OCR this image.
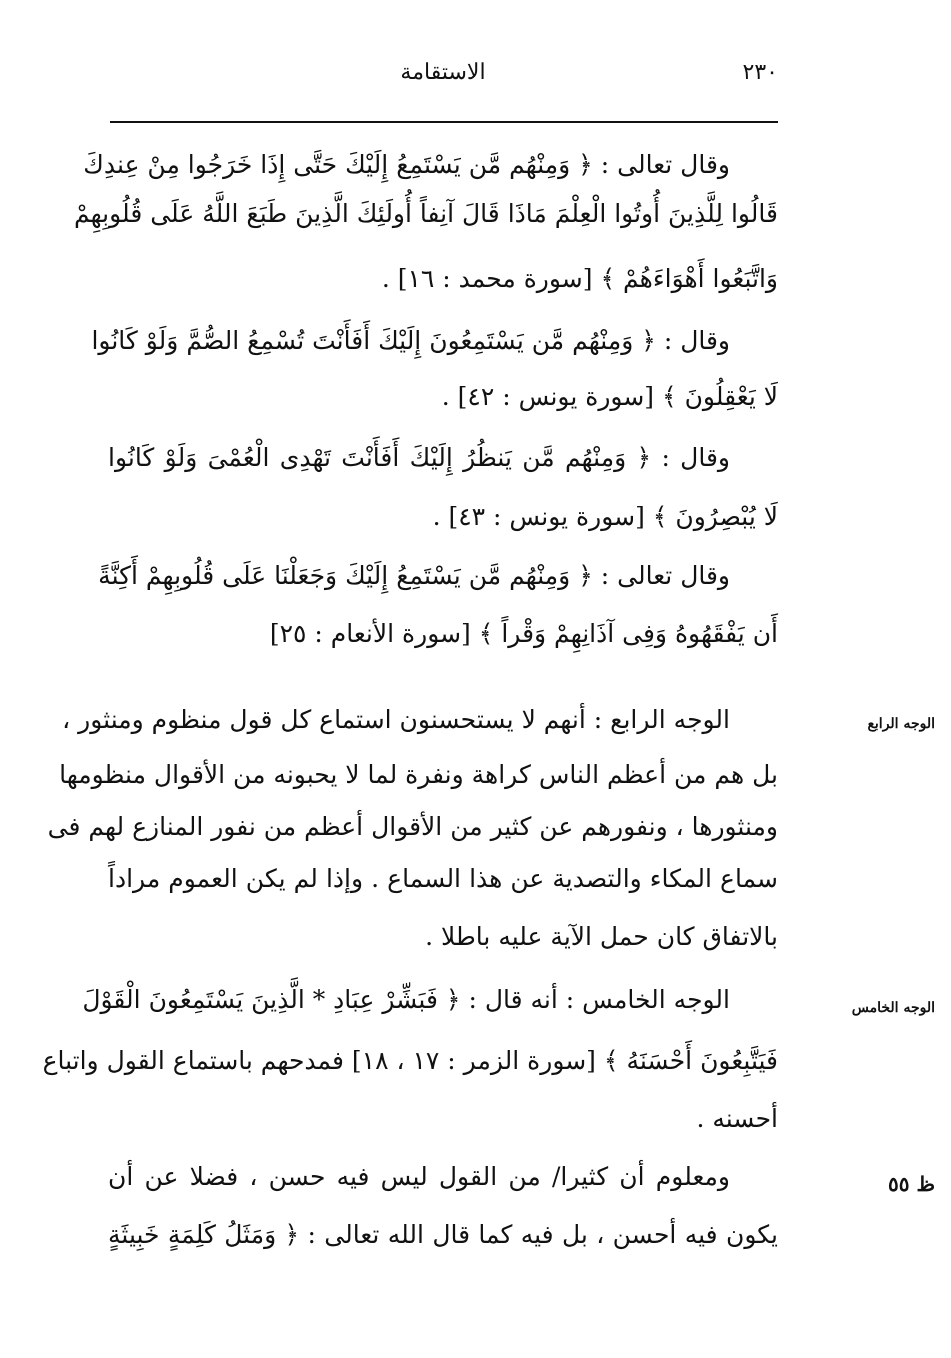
٢٣٠
الاستقامة
وقال تعالى : ﴿ وَمِنْهُم مَّن يَسْتَمِعُ إِلَيْكَ حَتَّى إِذَا خَرَجُوا مِنْ عِندِكَ
قَالُوا لِلَّذِينَ أُوتُوا الْعِلْمَ مَاذَا قَالَ آنِفاً أُولَئِكَ الَّذِينَ طَبَعَ اللَّهُ عَلَى قُلُوبِهِمْ
وَاتَّبَعُوا أَهْوَاءَهُمْ ﴾ [سورة محمد : ١٦] .
وقال : ﴿ وَمِنْهُم مَّن يَسْتَمِعُونَ إِلَيْكَ أَفَأَنْتَ تُسْمِعُ الصُّمَّ وَلَوْ كَانُوا
لَا يَعْقِلُونَ ﴾ [سورة يونس : ٤٢] .
وقال : ﴿ وَمِنْهُم مَّن يَنظُرُ إِلَيْكَ أَفَأَنْتَ تَهْدِى الْعُمْىَ وَلَوْ كَانُوا
لَا يُبْصِرُونَ ﴾ [سورة يونس : ٤٣] .
وقال تعالى : ﴿ وَمِنْهُم مَّن يَسْتَمِعُ إِلَيْكَ وَجَعَلْنَا عَلَى قُلُوبِهِمْ أَكِنَّةً
أَن يَفْقَهُوهُ وَفِى آذَانِهِمْ وَقْراً ﴾ [سورة الأنعام : ٢٥]
الوجه الرابع
الوجه الرابع : أنهم لا يستحسنون استماع كل قول منظوم ومنثور ،
بل هم من أعظم الناس كراهة ونفرة لما لا يحبونه من الأقوال منظومها
ومنثورها ، ونفورهم عن كثير من الأقوال أعظم من نفور المنازع لهم فى
سماع المكاء والتصدية عن هذا السماع . وإذا لم يكن العموم مراداً
بالاتفاق كان حمل الآية عليه باطلا .
الوجه الخامس
الوجه الخامس : أنه قال : ﴿ فَبَشِّرْ عِبَادِ * الَّذِينَ يَسْتَمِعُونَ الْقَوْلَ
فَيَتَّبِعُونَ أَحْسَنَهُ ﴾ [سورة الزمر : ١٧ ، ١٨] فمدحهم باستماع القول واتباع
أحسنه .
ظ ٥٥
ومعلوم أن كثيرا/ من القول ليس فيه حسن ، فضلا عن أن
يكون فيه أحسن ، بل فيه كما قال الله تعالى : ﴿ وَمَثَلُ كَلِمَةٍ خَبِيثَةٍ
